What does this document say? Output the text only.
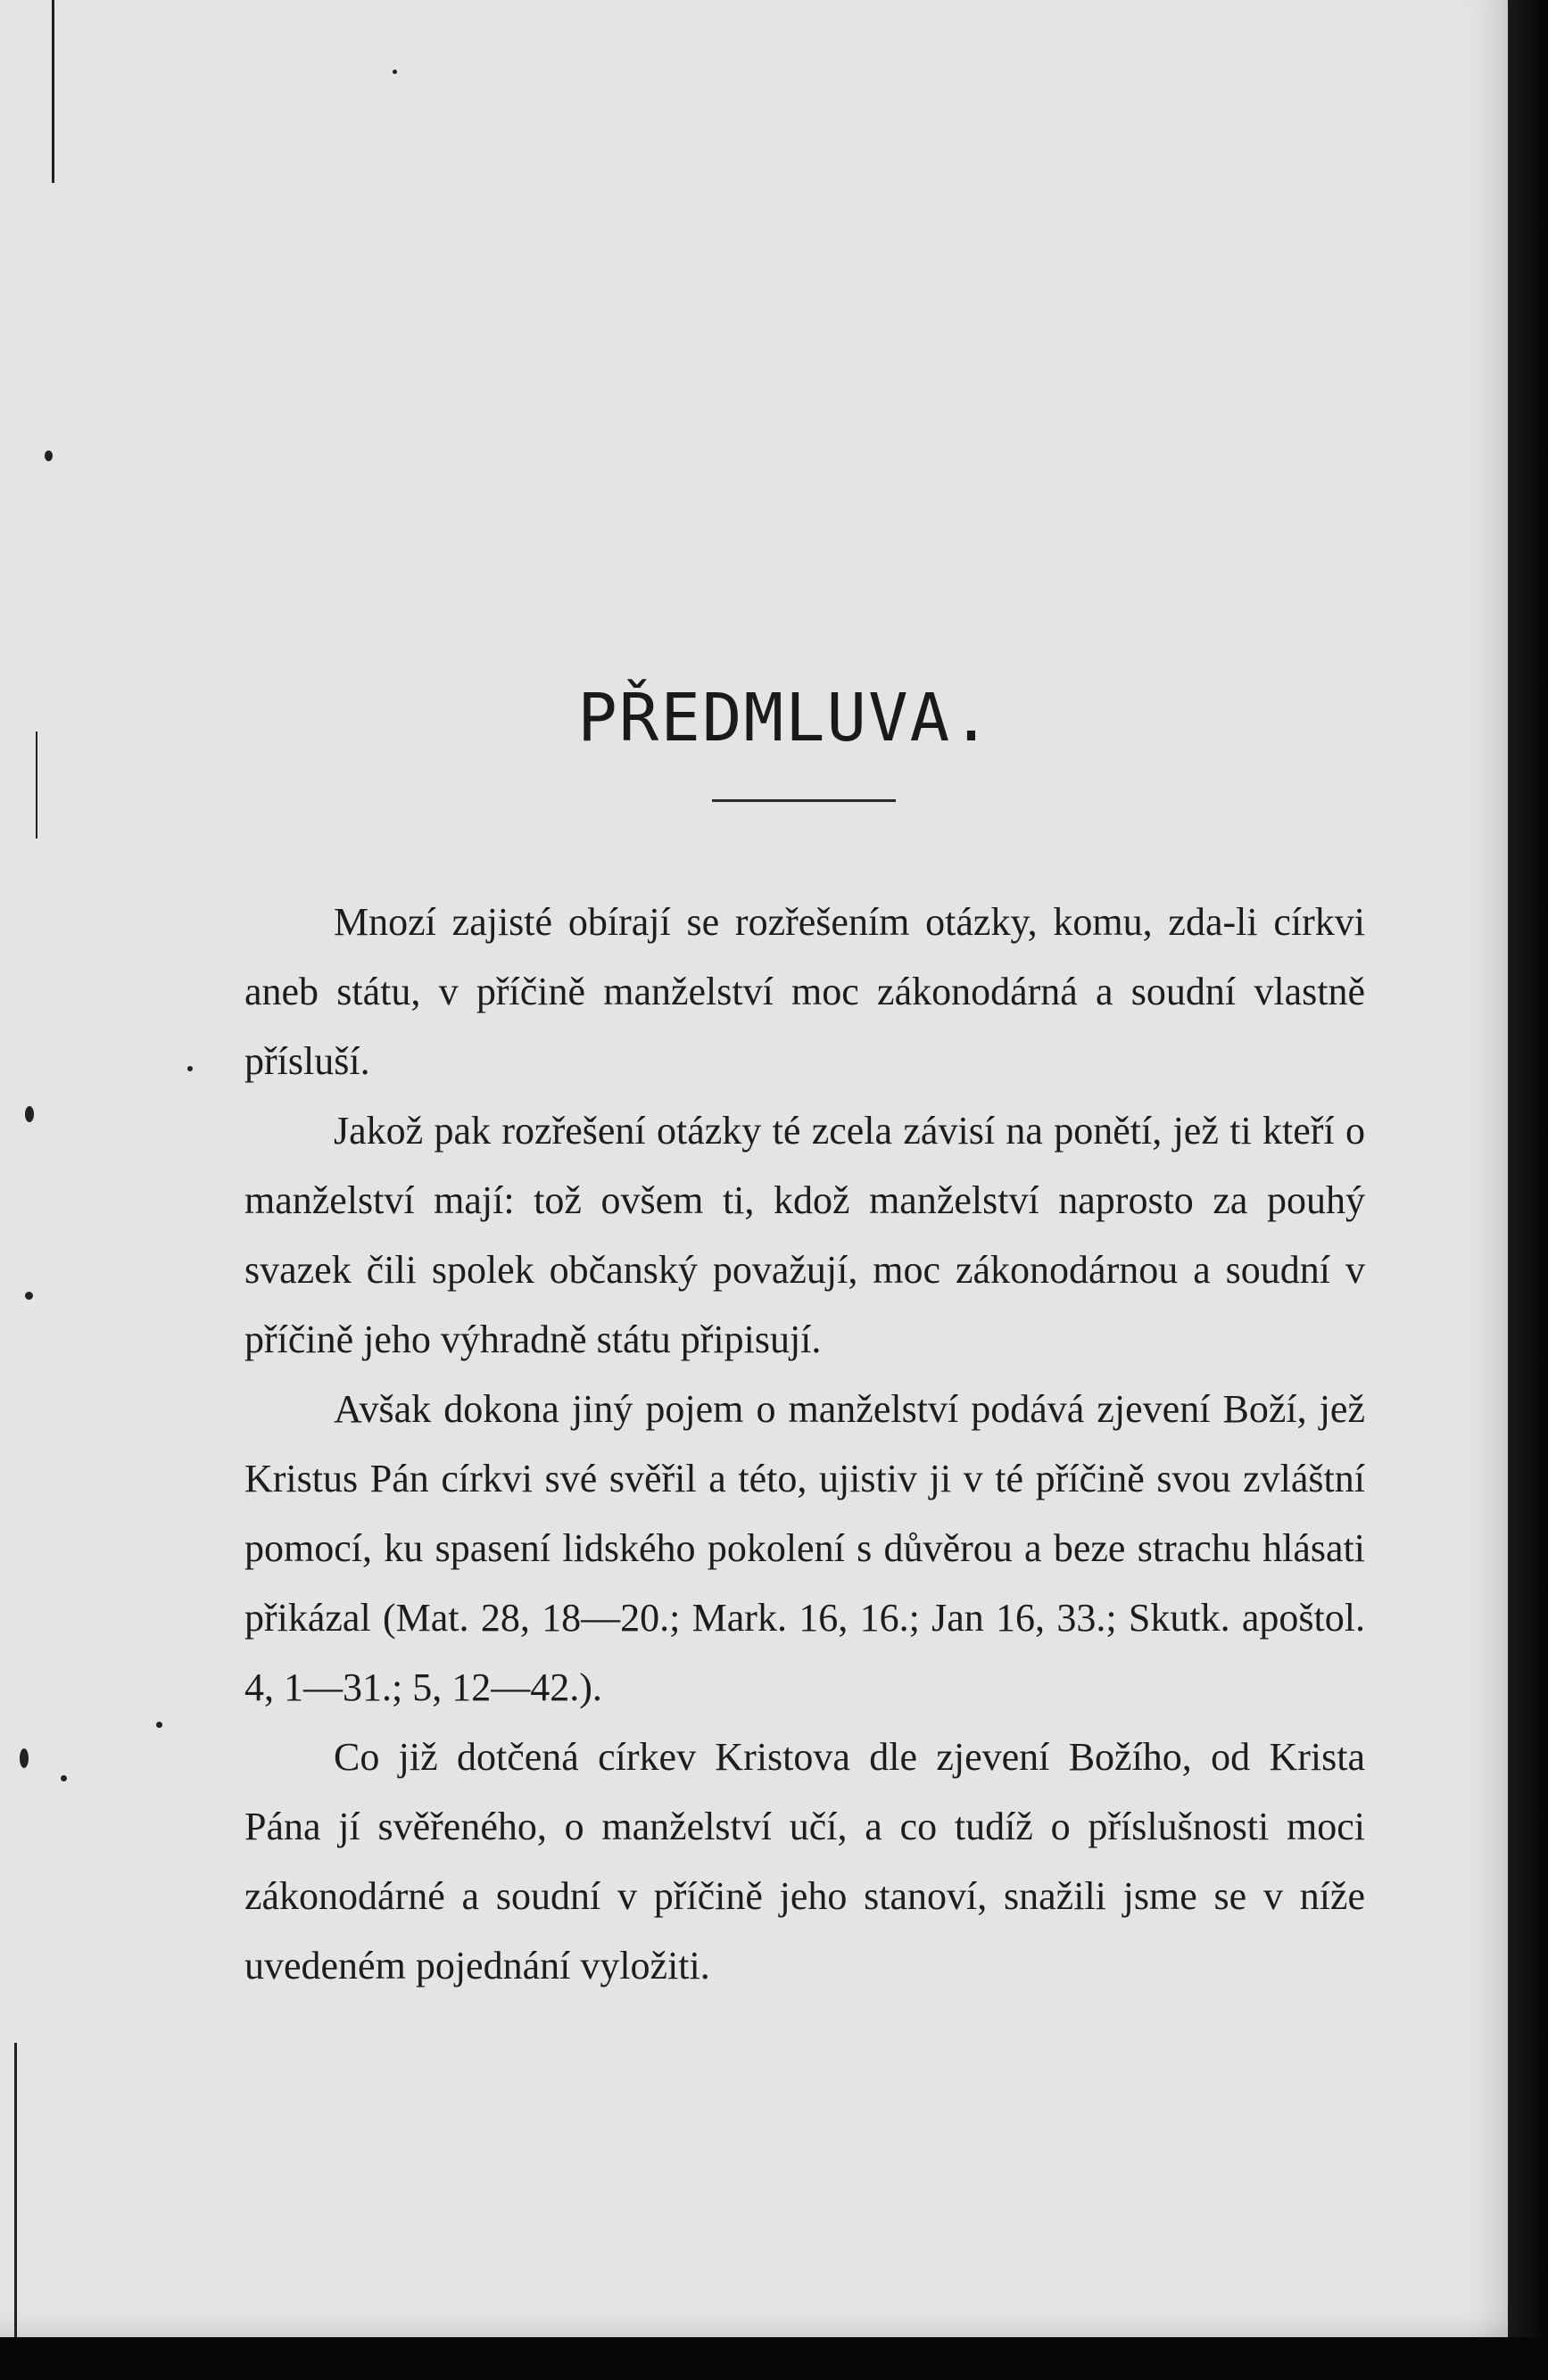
PŘEDMLUVA.

Mnozí zajisté obírají se rozřešením otázky, komu, zda-li církvi aneb státu, v příčině manželství moc zákonodárná a soudní vlastně přísluší.

Jakož pak rozřešení otázky té zcela závisí na ponětí, jež ti kteří o manželství mají: tož ovšem ti, kdož manželství naprosto za pouhý svazek čili spolek občanský považují, moc zákonodárnou a soudní v příčině jeho výhradně státu připisují.

Avšak dokona jiný pojem o manželství podává zjevení Boží, jež Kristus Pán církvi své svěřil a této, ujistiv ji v té příčině svou zvláštní pomocí, ku spasení lidského pokolení s důvěrou a beze strachu hlásati přikázal (Mat. 28, 18—20.; Mark. 16, 16.; Jan 16, 33.; Skutk. apoštol. 4, 1—31.; 5, 12—42.).

Co již dotčená církev Kristova dle zjevení Božího, od Krista Pána jí svěřeného, o manželství učí, a co tudíž o příslušnosti moci zákonodárné a soudní v příčině jeho stanoví, snažili jsme se v níže uvedeném pojednání vyložiti.
